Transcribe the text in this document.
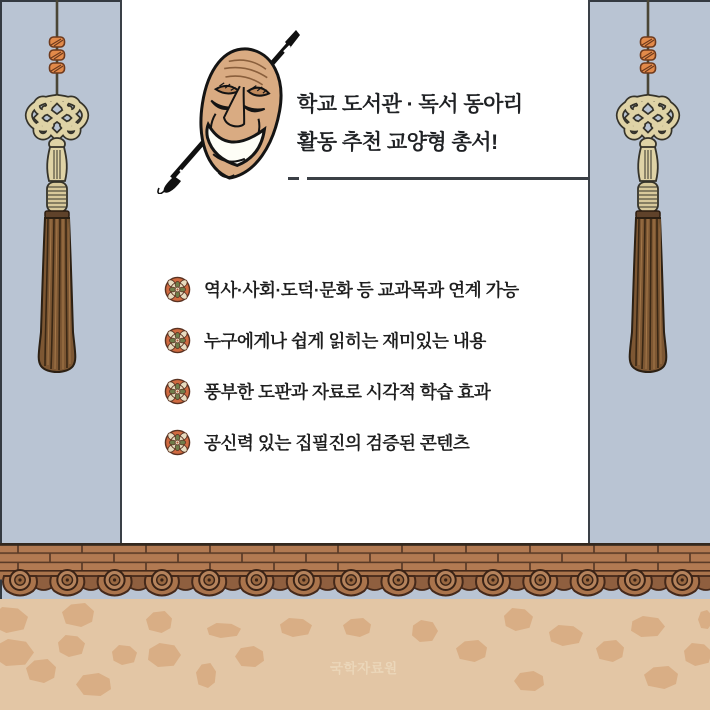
학교 도서관 · 독서 동아리
활동 추천 교양형 총서!
역사·사회·도덕·문화 등 교과목과 연계 가능
누구에게나 쉽게 읽히는 재미있는 내용
풍부한 도판과 자료로 시각적 학습 효과
공신력 있는 집필진의 검증된 콘텐츠
국학자료원
